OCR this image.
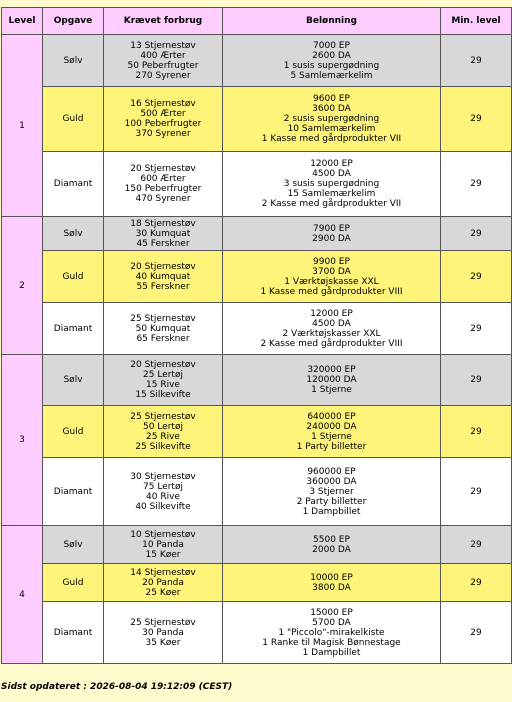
Level	Opgave	Krævet forbrug	Belønning	Min. level
1	Sølv	13 Stjernestøv
400 Ærter
50 Peberfrugter
270 Syrener	7000 EP
2600 DA
1 susis supergødning
5 Samlemærkelim	29
	Guld	16 Stjernestøv
500 Ærter
100 Peberfrugter
370 Syrener	9600 EP
3600 DA
2 susis supergødning
10 Samlemærkelim
1 Kasse med gårdprodukter VII	29
	Diamant	20 Stjernestøv
600 Ærter
150 Peberfrugter
470 Syrener	12000 EP
4500 DA
3 susis supergødning
15 Samlemærkelim
2 Kasse med gårdprodukter VII	29
2	Sølv	18 Stjernestøv
30 Kumquat
45 Ferskner	7900 EP
2900 DA	29
	Guld	20 Stjernestøv
40 Kumquat
55 Ferskner	9900 EP
3700 DA
1 Værktøjskasse XXL
1 Kasse med gårdprodukter VIII	29
	Diamant	25 Stjernestøv
50 Kumquat
65 Ferskner	12000 EP
4500 DA
2 Værktøjskasser XXL
2 Kasse med gårdprodukter VIII	29
3	Sølv	20 Stjernestøv
25 Lertøj
15 Rive
15 Silkevifte	320000 EP
120000 DA
1 Stjerne	29
	Guld	25 Stjernestøv
50 Lertøj
25 Rive
25 Silkevifte	640000 EP
240000 DA
1 Stjerne
1 Party billetter	29
	Diamant	30 Stjernestøv
75 Lertøj
40 Rive
40 Silkevifte	960000 EP
360000 DA
3 Stjerner
2 Party billetter
1 Dampbillet	29
4	Sølv	10 Stjernestøv
10 Panda
15 Køer	5500 EP
2000 DA	29
	Guld	14 Stjernestøv
20 Panda
25 Køer	10000 EP
3800 DA	29
	Diamant	25 Stjernestøv
30 Panda
35 Køer	15000 EP
5700 DA
1 "Piccolo"-mirakelkiste
1 Ranke til Magisk Bønnestage
1 Dampbillet	29
Sidst opdateret : 2026-08-04 19:12:09 (CEST)
